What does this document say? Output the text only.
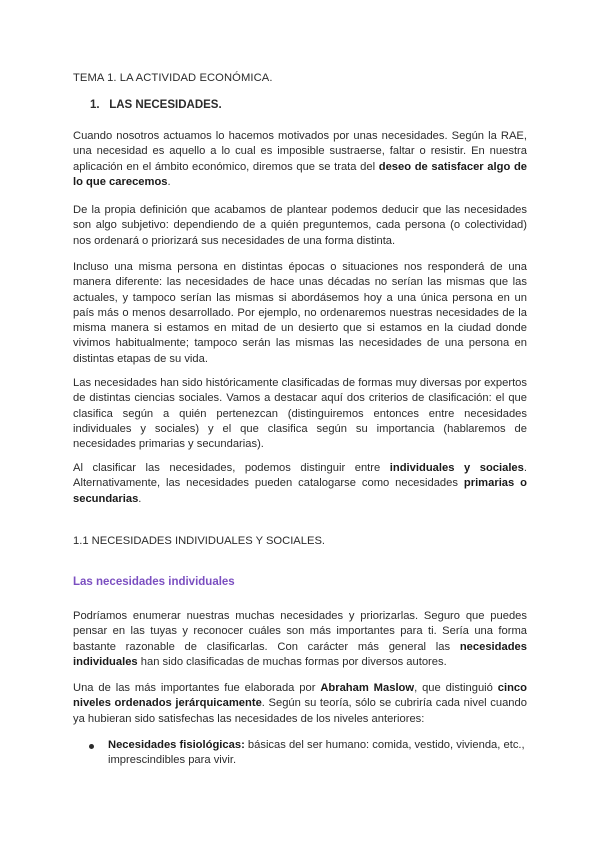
TEMA 1. LA ACTIVIDAD ECONÓMICA.

1. LAS NECESIDADES.

Cuando nosotros actuamos lo hacemos motivados por unas necesidades. Según la RAE, una necesidad es aquello a lo cual es imposible sustraerse, faltar o resistir. En nuestra aplicación en el ámbito económico, diremos que se trata del deseo de satisfacer algo de lo que carecemos.

De la propia definición que acabamos de plantear podemos deducir que las necesidades son algo subjetivo: dependiendo de a quién preguntemos, cada persona (o colectividad) nos ordenará o priorizará sus necesidades de una forma distinta.

Incluso una misma persona en distintas épocas o situaciones nos responderá de una manera diferente: las necesidades de hace unas décadas no serían las mismas que las actuales, y tampoco serían las mismas si abordásemos hoy a una única persona en un país más o menos desarrollado. Por ejemplo, no ordenaremos nuestras necesidades de la misma manera si estamos en mitad de un desierto que si estamos en la ciudad donde vivimos habitualmente; tampoco serán las mismas las necesidades de una persona en distintas etapas de su vida.

Las necesidades han sido históricamente clasificadas de formas muy diversas por expertos de distintas ciencias sociales. Vamos a destacar aquí dos criterios de clasificación: el que clasifica según a quién pertenezcan (distinguiremos entonces entre necesidades individuales y sociales) y el que clasifica según su importancia (hablaremos de necesidades primarias y secundarias).

Al clasificar las necesidades, podemos distinguir entre individuales y sociales. Alternativamente, las necesidades pueden catalogarse como necesidades primarias o secundarias.

1.1 NECESIDADES INDIVIDUALES Y SOCIALES.

Las necesidades individuales

Podríamos enumerar nuestras muchas necesidades y priorizarlas. Seguro que puedes pensar en las tuyas y reconocer cuáles son más importantes para ti. Sería una forma bastante razonable de clasificarlas. Con carácter más general las necesidades individuales han sido clasificadas de muchas formas por diversos autores.

Una de las más importantes fue elaborada por Abraham Maslow, que distinguió cinco niveles ordenados jerárquicamente. Según su teoría, sólo se cubriría cada nivel cuando ya hubieran sido satisfechas las necesidades de los niveles anteriores:

Necesidades fisiológicas: básicas del ser humano: comida, vestido, vivienda, etc., imprescindibles para vivir.
